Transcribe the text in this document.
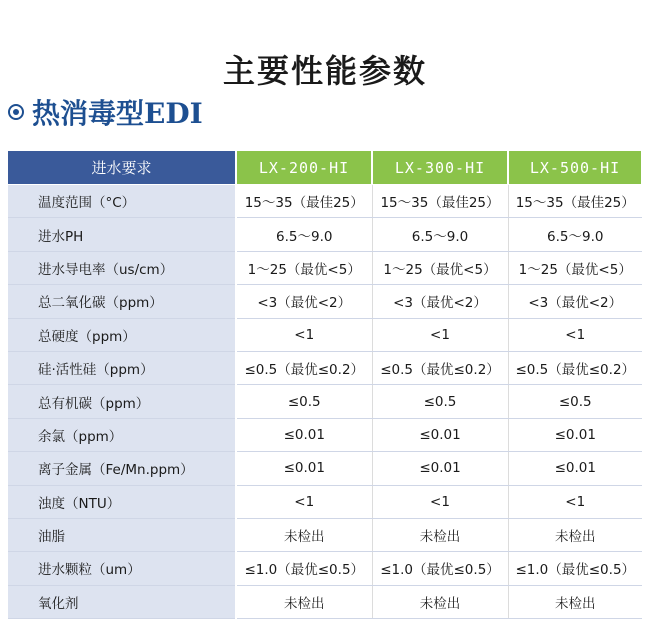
主要性能参数
热消毒型EDI
进水要求	LX-200-HI	LX-300-HI	LX-500-HI
温度范围（°C）	15～35（最佳25）	15～35（最佳25）	15～35（最佳25）
进水PH	6.5～9.0	6.5～9.0	6.5～9.0
进水导电率（us/cm）	1～25（最优<5）	1～25（最优<5）	1～25（最优<5）
总二氧化碳（ppm）	<3（最优<2）	<3（最优<2）	<3（最优<2）
总硬度（ppm）	<1	<1	<1
硅·活性硅（ppm）	≤0.5（最优≤0.2）	≤0.5（最优≤0.2）	≤0.5（最优≤0.2）
总有机碳（ppm）	≤0.5	≤0.5	≤0.5
余氯（ppm）	≤0.01	≤0.01	≤0.01
离子金属（Fe/Mn.ppm）	≤0.01	≤0.01	≤0.01
浊度（NTU）	<1	<1	<1
油脂	未检出	未检出	未检出
进水颗粒（um）	≤1.0（最优≤0.5）	≤1.0（最优≤0.5）	≤1.0（最优≤0.5）
氧化剂	未检出	未检出	未检出
